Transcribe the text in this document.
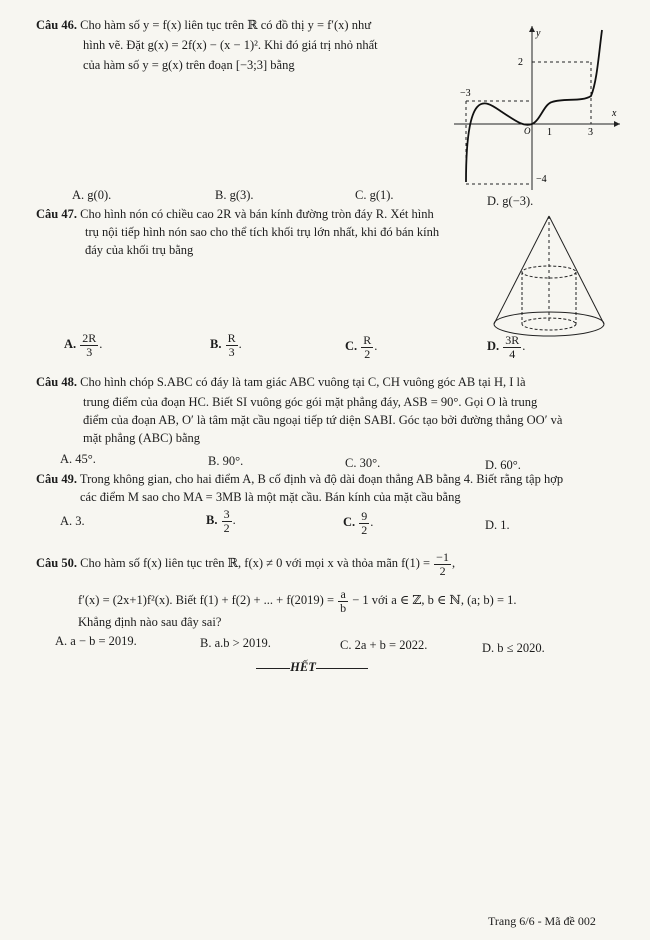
Câu 46. Cho hàm số y = f(x) liên tục trên ℝ có đồ thị y = f′(x) như
hình vẽ. Đặt g(x) = 2f(x) − (x − 1)². Khi đó giá trị nhỏ nhất
của hàm số y = g(x) trên đoạn [−3;3] bằng
y
x
O
2
−3
1	3
−4
A. g(0).	B. g(3).	C. g(1).	D. g(−3).
Câu 47. Cho hình nón có chiều cao 2R và bán kính đường tròn đáy R. Xét hình
trụ nội tiếp hình nón sao cho thể tích khối trụ lớn nhất, khi đó bán kính
đáy của khối trụ bằng
A. $\frac{2R}{3}$ .	B. $\frac{R}{3}$ .	C. $\frac{R}{2}$ .	D. $\frac{3R}{4}$ .
Câu 48. Cho hình chóp S.ABC có đáy là tam giác ABC vuông tại C, CH vuông góc AB tại H, I là
trung điểm của đoạn HC. Biết SI vuông góc gói mặt phẳng đáy, ASB = 90°. Gọi O là trung
điểm của đoạn AB, O′ là tâm mặt cầu ngoại tiếp tứ diện SABI. Góc tạo bởi đường thẳng OO′ và
mặt phẳng (ABC) bằng
A. 45°.	B. 90°.	C. 30°.	D. 60°.
Câu 49. Trong không gian, cho hai điểm A, B cố định và độ dài đoạn thẳng AB bằng 4. Biết rằng tập hợp
các điểm M sao cho MA = 3MB là một mặt cầu. Bán kính của mặt cầu bằng
A. 3.	B. $\frac{3}{2}$ .	C. $\frac{9}{2}$ .	D. 1.
Câu 50. Cho hàm số f(x) liên tục trên ℝ, f(x) ≠ 0 với mọi x và thỏa mãn $f(1) = \frac{-1}{2}$ ,
f′(x) = (2x+1)f²(x). Biết f(1) + f(2) + ... + $f(2019) = \frac{a}{b} - 1$ với a ∈ ℤ, b ∈ ℕ, (a; b) = 1.
Khẳng định nào sau đây sai?
A. a − b = 2019.	B. a.b > 2019.	C. 2a + b = 2022.	D. b ≤ 2020.
HẾT
Trang 6/6 - Mã đề 002
